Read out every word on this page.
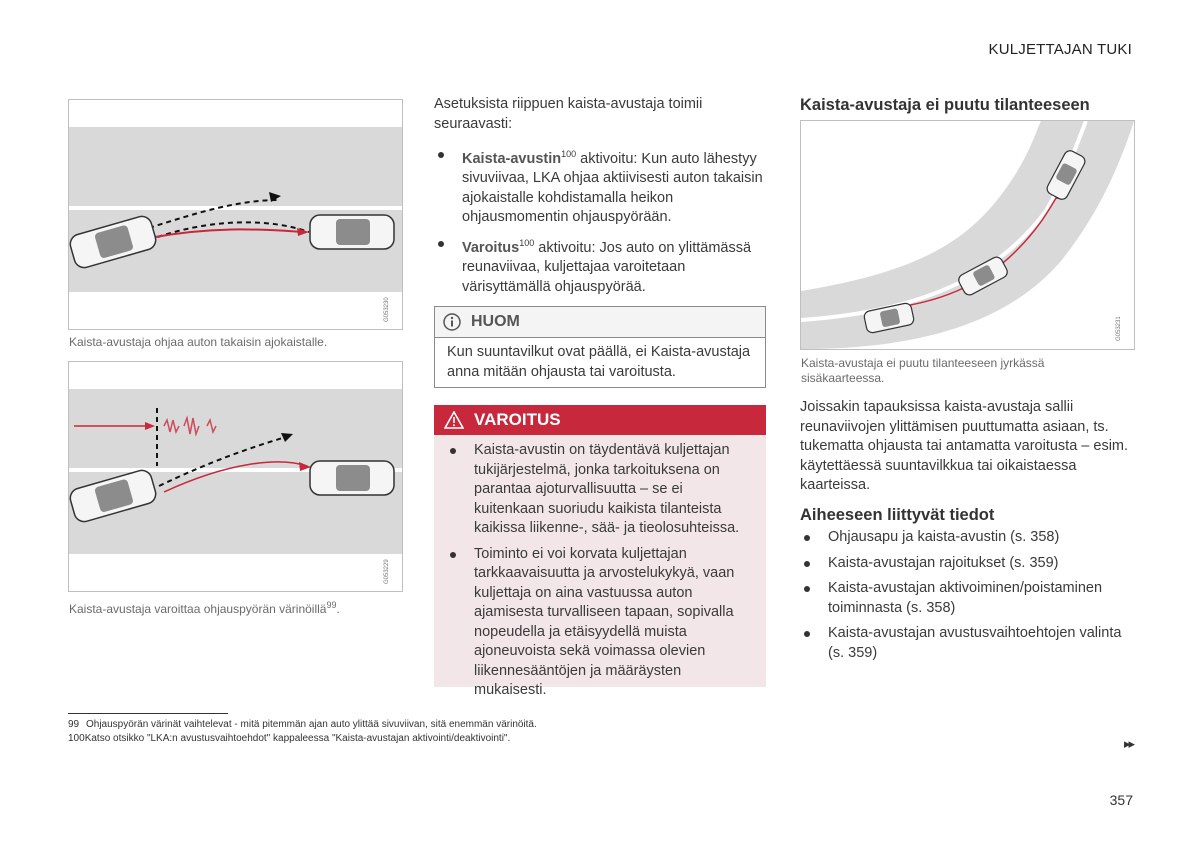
KULJETTAJAN TUKI
G053230
Kaista-avustaja ohjaa auton takaisin ajokaistalle.
G053229
Kaista-avustaja varoittaa ohjauspyörän värinöillä$^{99}$.
Asetuksista riippuen kaista-avustaja toimii seuraavasti:
Kaista-avustin$^{100}$ aktivoitu: Kun auto lähestyy sivuviivaa, LKA ohjaa aktiivisesti auton takaisin ajokaistalle kohdistamalla heikon ohjausmomentin ohjauspyörään.
Varoitus$^{100}$ aktivoitu: Jos auto on ylittämässä reunaviivaa, kuljettajaa varoitetaan värisyttämällä ohjauspyörää.
HUOM
Kun suuntavilkut ovat päällä, ei Kaista-avustaja anna mitään ohjausta tai varoitusta.
VAROITUS
Kaista-avustin on täydentävä kuljettajan tukijärjestelmä, jonka tarkoituksena on parantaa ajoturvallisuutta – se ei kuitenkaan suoriudu kaikista tilanteista kaikissa liikenne-, sää- ja tieolosuhteissa.
Toiminto ei voi korvata kuljettajan tarkkaavaisuutta ja arvostelukykyä, vaan kuljettaja on aina vastuussa auton ajamisesta turvalliseen tapaan, sopivalla nopeudella ja etäisyydellä muista ajoneuvoista sekä voimassa olevien liikennesääntöjen ja määräysten mukaisesti.
Kaista-avustaja ei puutu tilanteeseen
G053231
Kaista-avustaja ei puutu tilanteeseen jyrkässä sisäkaarteessa.
Joissakin tapauksissa kaista-avustaja sallii reunaviivojen ylittämisen puuttumatta asiaan, ts. tukematta ohjausta tai antamatta varoitusta – esim. käytettäessä suuntavilkkua tai oikaistaessa kaarteissa.
Aiheeseen liittyvät tiedot
Ohjausapu ja kaista-avustin (s. 358)
Kaista-avustajan rajoitukset (s. 359)
Kaista-avustajan aktivoiminen/poistaminen toiminnasta (s. 358)
Kaista-avustajan avustusvaihtoehtojen valinta (s. 359)
99 Ohjauspyörän värinät vaihtelevat - mitä pitemmän ajan auto ylittää sivuviivan, sitä enemmän värinöitä.
100Katso otsikko "LKA:n avustusvaihtoehdot" kappaleessa "Kaista-avustajan aktivointi/deaktivointi".	▸▸
357
